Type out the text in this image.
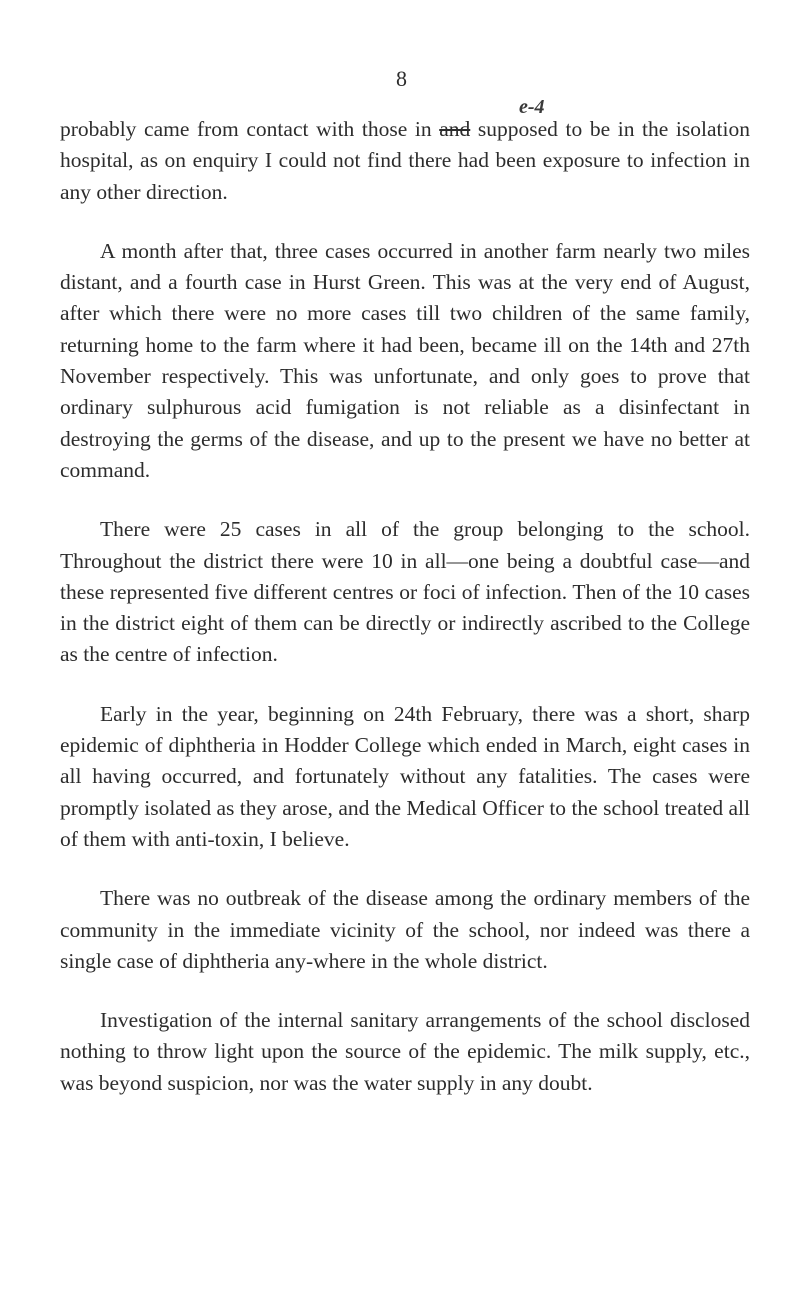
8
e-4

probably came from contact with those in and supposed to be in the isolation hospital, as on enquiry I could not find there had been exposure to infection in any other direction.

A month after that, three cases occurred in another farm nearly two miles distant, and a fourth case in Hurst Green. This was at the very end of August, after which there were no more cases till two children of the same family, returning home to the farm where it had been, became ill on the 14th and 27th November respectively. This was unfortunate, and only goes to prove that ordinary sulphurous acid fumigation is not reliable as a disinfectant in destroying the germs of the disease, and up to the present we have no better at command.

There were 25 cases in all of the group belonging to the school. Throughout the district there were 10 in all—one being a doubtful case—and these represented five different centres or foci of infection. Then of the 10 cases in the district eight of them can be directly or indirectly ascribed to the College as the centre of infection.

Early in the year, beginning on 24th February, there was a short, sharp epidemic of diphtheria in Hodder College which ended in March, eight cases in all having occurred, and fortunately without any fatalities. The cases were promptly isolated as they arose, and the Medical Officer to the school treated all of them with anti-toxin, I believe.

There was no outbreak of the disease among the ordinary members of the community in the immediate vicinity of the school, nor indeed was there a single case of diphtheria any-where in the whole district.

Investigation of the internal sanitary arrangements of the school disclosed nothing to throw light upon the source of the epidemic. The milk supply, etc., was beyond suspicion, nor was the water supply in any doubt.
